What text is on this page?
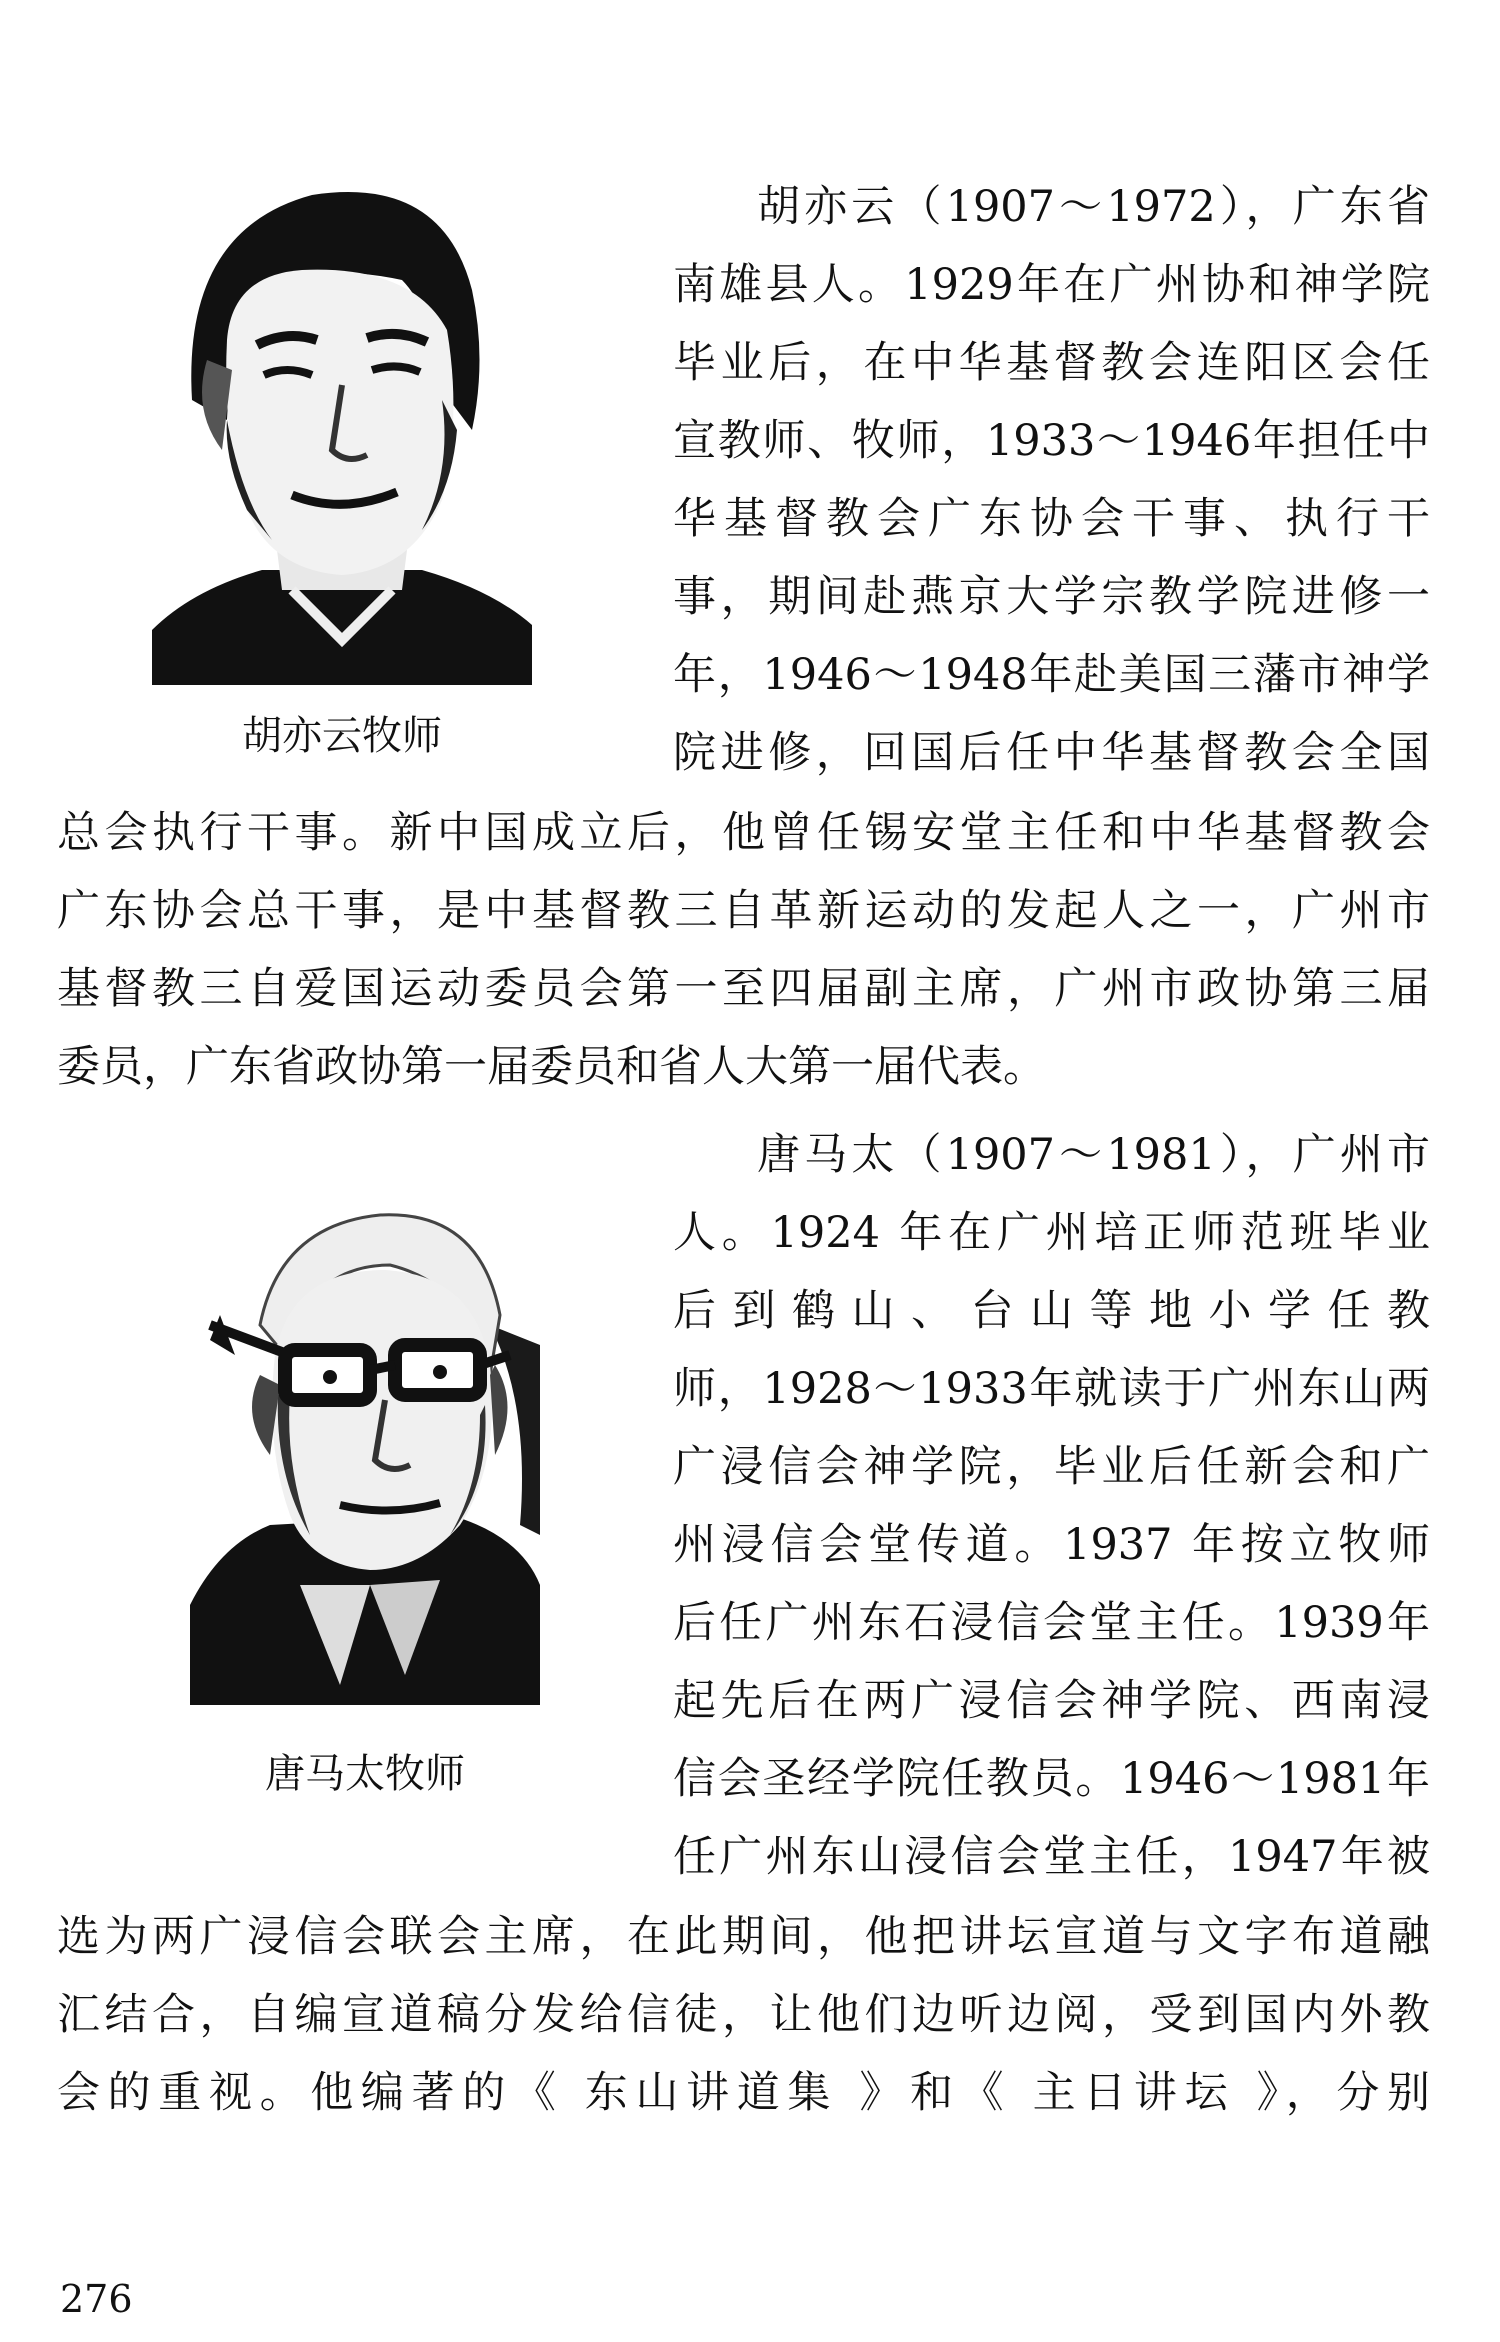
胡亦云牧师

胡亦云（1907～1972），广东省

南雄县人。1929年在广州协和神学院

毕业后，在中华基督教会连阳区会任

宣教师、牧师，1933～1946年担任中

华基督教会广东协会干事、执行干

事，期间赴燕京大学宗教学院进修一

年，1946～1948年赴美国三藩市神学

院进修，回国后任中华基督教会全国

总会执行干事。新中国成立后，他曾任锡安堂主任和中华基督教会

广东协会总干事，是中基督教三自革新运动的发起人之一，广州市

基督教三自爱国运动委员会第一至四届副主席，广州市政协第三届

委员，广东省政协第一届委员和省人大第一届代表。

唐马太牧师

唐马太（1907～1981），广州市

人。1924 年在广州培正师范班毕业

后到鹤山、台山等地小学任教

师，1928～1933年就读于广州东山两

广浸信会神学院，毕业后任新会和广

州浸信会堂传道。1937 年按立牧师

后任广州东石浸信会堂主任。1939年

起先后在两广浸信会神学院、西南浸

信会圣经学院任教员。1946～1981年

任广州东山浸信会堂主任，1947年被

选为两广浸信会联会主席，在此期间，他把讲坛宣道与文字布道融

汇结合，自编宣道稿分发给信徒，让他们边听边阅，受到国内外教

会的重视。他编著的《 东山讲道集 》和《 主日讲坛 》，分别

276
